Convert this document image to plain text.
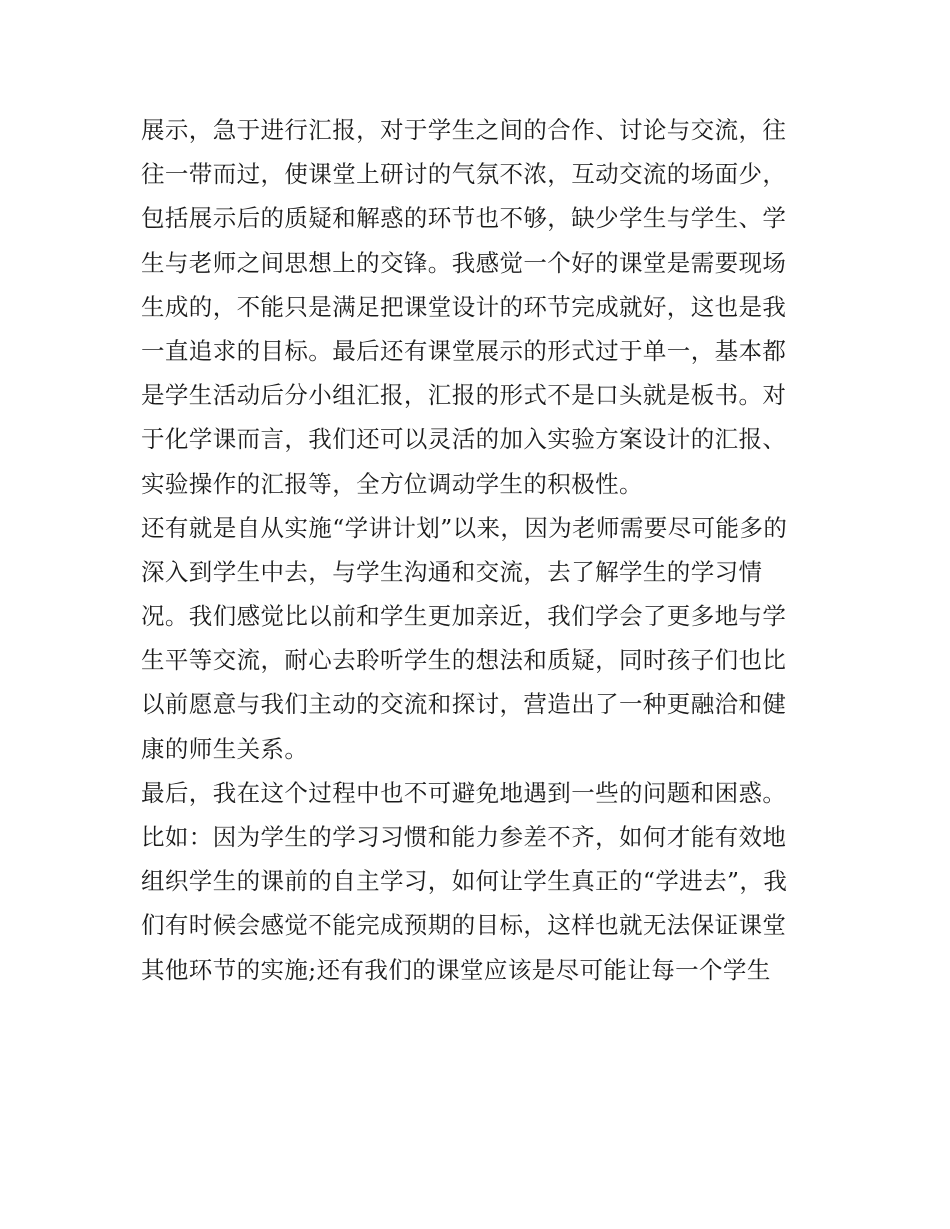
展示，急于进行汇报，对于学生之间的合作、讨论与交流，往
往一带而过，使课堂上研讨的气氛不浓，互动交流的场面少，
包括展示后的质疑和解惑的环节也不够，缺少学生与学生、学
生与老师之间思想上的交锋。我感觉一个好的课堂是需要现场
生成的，不能只是满足把课堂设计的环节完成就好，这也是我
一直追求的目标。最后还有课堂展示的形式过于单一，基本都
是学生活动后分小组汇报，汇报的形式不是口头就是板书。对
于化学课而言，我们还可以灵活的加入实验方案设计的汇报、
实验操作的汇报等，全方位调动学生的积极性。
还有就是自从实施“学讲计划”以来，因为老师需要尽可能多的
深入到学生中去，与学生沟通和交流，去了解学生的学习情
况。我们感觉比以前和学生更加亲近，我们学会了更多地与学
生平等交流，耐心去聆听学生的想法和质疑，同时孩子们也比
以前愿意与我们主动的交流和探讨，营造出了一种更融洽和健
康的师生关系。
最后，我在这个过程中也不可避免地遇到一些的问题和困惑。
比如：因为学生的学习习惯和能力参差不齐，如何才能有效地
组织学生的课前的自主学习，如何让学生真正的“学进去”，我
们有时候会感觉不能完成预期的目标，这样也就无法保证课堂
其他环节的实施;还有我们的课堂应该是尽可能让每一个学生
